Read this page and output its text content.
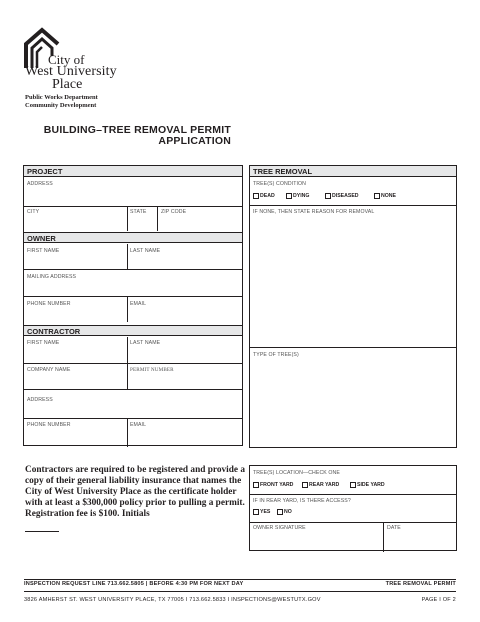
City of
West University
Place
Public Works Department
Community Development
BUILDING–TREE REMOVAL PERMIT
APPLICATION
PROJECT
ADDRESS
CITY	STATE	ZIP CODE
OWNER
FIRST NAME	LAST NAME
MAILING ADDRESS
PHONE NUMBER	EMAIL
CONTRACTOR
FIRST NAME	LAST NAME
COMPANY NAME	PERMIT NUMBER
ADDRESS
PHONE NUMBER	EMAIL
TREE REMOVAL
TREE(S) CONDITION
DEAD	DYING	DISEASED	NONE
IF NONE, THEN STATE REASON FOR REMOVAL
TYPE OF TREE(S)
TREE(S) LOCATION—CHECK ONE
FRONT YARD	REAR YARD	SIDE YARD
IF IN REAR YARD, IS THERE ACCESS?
YES	NO
OWNER SIGNATURE	DATE
Contractors are required to be registered and provide a copy of their general liability insurance that names the City of West University Place as the certificate holder with at least a $300,000 policy prior to pulling a permit. Registration fee is $100. Initials
INSPECTION REQUEST LINE 713.662.5805 | BEFORE 4:30 PM FOR NEXT DAY	TREE REMOVAL PERMIT
3826 AMHERST ST. WEST UNIVERSITY PLACE, TX 77005 I 713.662.5833 I INSPECTIONS@WESTUTX.GOV	PAGE I OF 2
